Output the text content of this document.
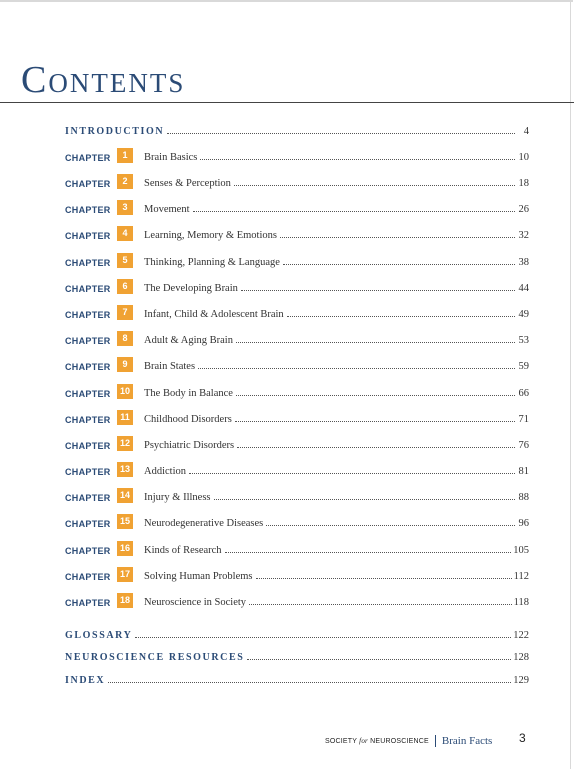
Contents
INTRODUCTION	4
CHAPTER	1	Brain Basics	10
CHAPTER	2	Senses & Perception	18
CHAPTER	3	Movement	26
CHAPTER	4	Learning, Memory & Emotions	32
CHAPTER	5	Thinking, Planning & Language	38
CHAPTER	6	The Developing Brain	44
CHAPTER	7	Infant, Child & Adolescent Brain	49
CHAPTER	8	Adult & Aging Brain	53
CHAPTER	9	Brain States	59
CHAPTER	10 The Body in Balance	66
CHAPTER	11	Childhood Disorders	71
CHAPTER	12 Psychiatric Disorders	76
CHAPTER	13 Addiction	81
CHAPTER	14 Injury & Illness	88
CHAPTER	15 Neurodegenerative Diseases	96
CHAPTER	16 Kinds of Research	105
CHAPTER	17 Solving Human Problems	112
CHAPTER	18 Neuroscience in Society	118
GLOSSARY	122
NEUROSCIENCE RESOURCES	128
INDEX	129
SOCIETY for NEUROSCIENCE Brain Facts 3
